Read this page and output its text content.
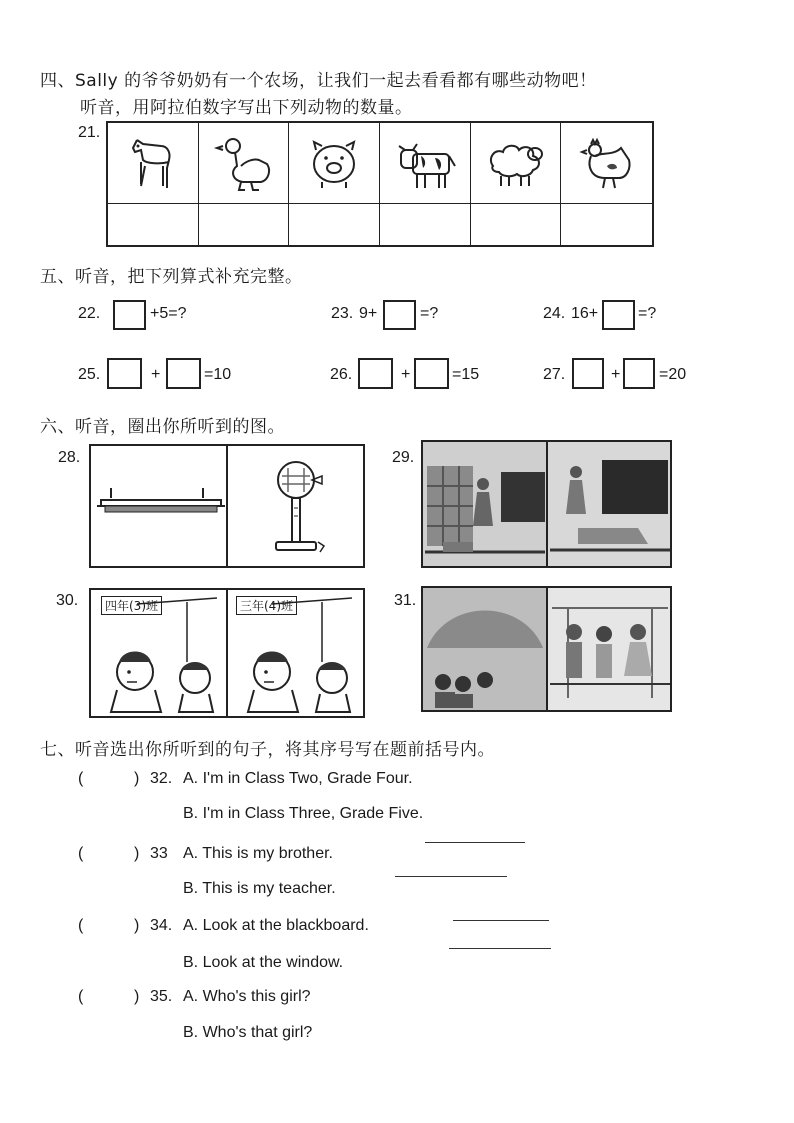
四、Sally 的爷爷奶奶有一个农场，让我们一起去看看都有哪些动物吧！
听音，用阿拉伯数字写出下列动物的数量。
21.
五、听音，把下列算式补充完整。
22.	+5=?	23. 9+	=?	24. 16+ =?
25.	+	=10	26.	+	=15	27.	+ =20
六、听音，圈出你所听到的图。
28.	29.
30.	四年(3)班	三年(4)班	31.
七、听音选出你所听到的句子，将其序号写在题前括号内。
(	) 32. A. I'm in Class Two, Grade Four.
B. I'm in Class Three, Grade Five.
(	) 33 A. This is my brother.
B. This is my teacher.
(	) 34. A. Look at the blackboard.
B. Look at the window.
(	) 35. A. Who's this girl?
B. Who's that girl?
